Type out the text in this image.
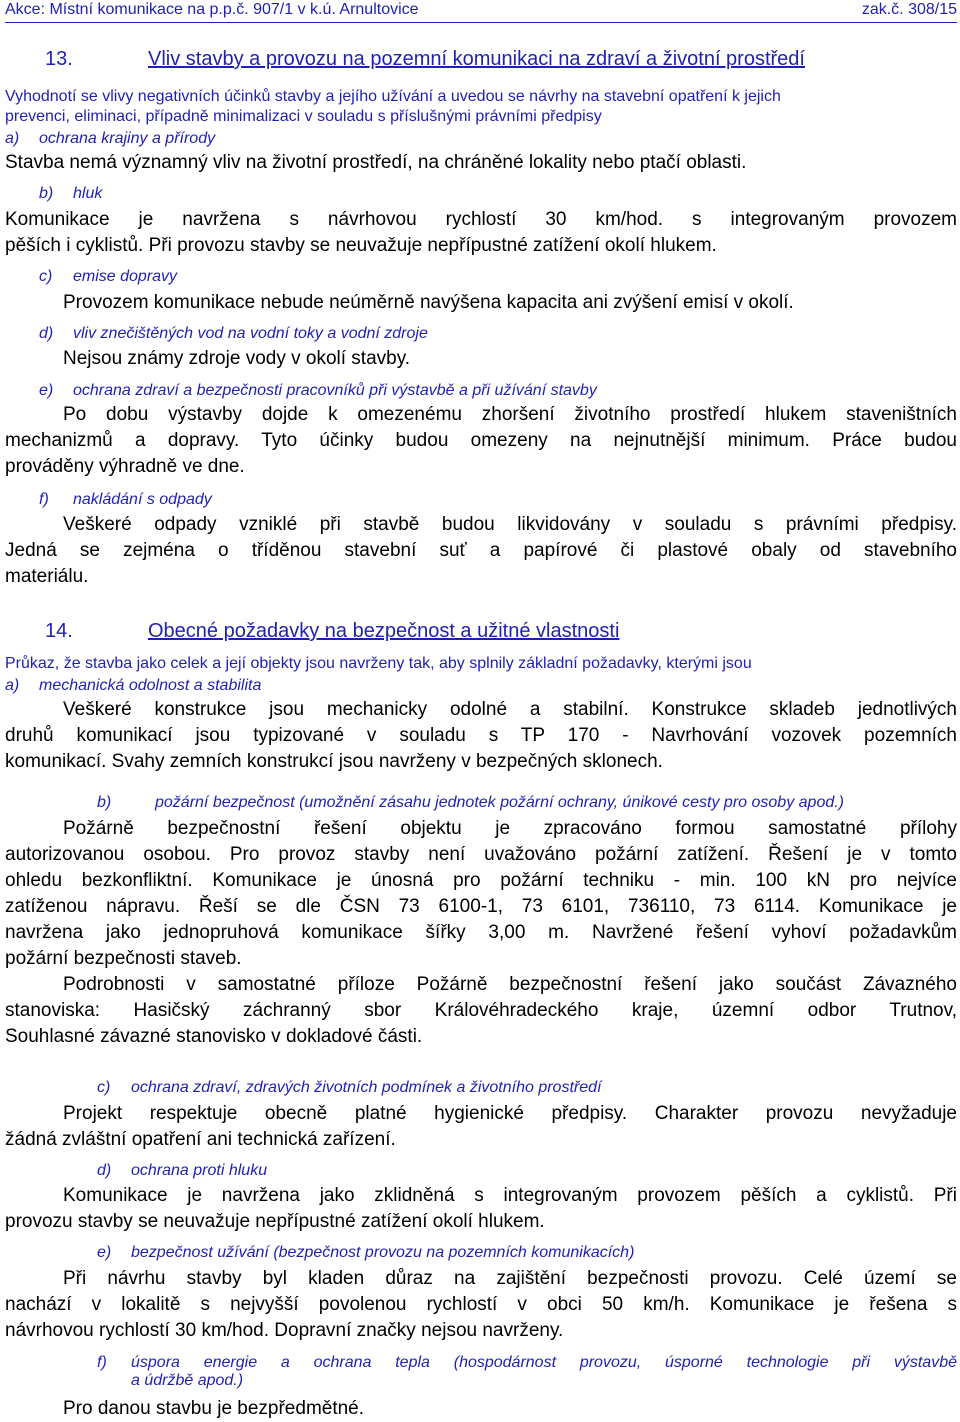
Akce: Místní komunikace na p.p.č. 907/1 v k.ú. Arnultovice	zak.č. 308/15
13.	Vliv stavby a provozu na pozemní komunikaci na zdraví a životní prostředí
Vyhodnotí se vlivy negativních účinků stavby a jejího užívání a uvedou se návrhy na stavební opatření k jejich
prevenci, eliminaci, případně minimalizaci v souladu s příslušnými právními předpisy
a) ochrana krajiny a přírody
Stavba nemá významný vliv na životní prostředí, na chráněné lokality nebo ptačí oblasti.
b) hluk
Komunikace je navržena s návrhovou rychlostí 30 km/hod. s integrovaným provozem
pěších i cyklistů. Při provozu stavby se neuvažuje nepřípustné zatížení okolí hlukem.
c) emise dopravy
Provozem komunikace nebude neúměrně navýšena kapacita ani zvýšení emisí v okolí.
d) vliv znečištěných vod na vodní toky a vodní zdroje
Nejsou známy zdroje vody v okolí stavby.
e) ochrana zdraví a bezpečnosti pracovníků při výstavbě a při užívání stavby
Po dobu výstavby dojde k omezenému zhoršení životního prostředí hlukem staveništních
mechanizmů a dopravy. Tyto účinky budou omezeny na nejnutnější minimum. Práce budou
prováděny výhradně ve dne.
f) nakládání s odpady
Veškeré odpady vzniklé při stavbě budou likvidovány v souladu s právními předpisy.
Jedná se zejména o tříděnou stavební suť a papírové či plastové obaly od stavebního
materiálu.
14.	Obecné požadavky na bezpečnost a užitné vlastnosti
Průkaz, že stavba jako celek a její objekty jsou navrženy tak, aby splnily základní požadavky, kterými jsou
a) mechanická odolnost a stabilita
Veškeré konstrukce jsou mechanicky odolné a stabilní. Konstrukce skladeb jednotlivých
druhů komunikací jsou typizované v souladu s TP 170 - Navrhování vozovek pozemních
komunikací. Svahy zemních konstrukcí jsou navrženy v bezpečných sklonech.
b)	požární bezpečnost (umožnění zásahu jednotek požární ochrany, únikové cesty pro osoby apod.)
Požárně bezpečnostní řešení objektu je zpracováno formou samostatné přílohy
autorizovanou osobou. Pro provoz stavby není uvažováno požární zatížení. Řešení je v tomto
ohledu bezkonfliktní. Komunikace je únosná pro požární techniku - min. 100 kN pro nejvíce
zatíženou nápravu. Řeší se dle ČSN 73 6100-1, 73 6101, 736110, 73 6114. Komunikace je
navržena jako jednopruhová komunikace šířky 3,00 m. Navržené řešení vyhoví požadavkům
požární bezpečnosti staveb.
Podrobnosti v samostatné příloze Požárně bezpečnostní řešení jako součást Závazného
stanoviska: Hasičský záchranný sbor Královéhradeckého kraje, územní odbor Trutnov,
Souhlasné závazné stanovisko v dokladové části.
c) ochrana zdraví, zdravých životních podmínek a životního prostředí
Projekt respektuje obecně platné hygienické předpisy. Charakter provozu nevyžaduje
žádná zvláštní opatření ani technická zařízení.
d) ochrana proti hluku
Komunikace je navržena jako zklidněná s integrovaným provozem pěších a cyklistů. Při
provozu stavby se neuvažuje nepřípustné zatížení okolí hlukem.
e) bezpečnost užívání (bezpečnost provozu na pozemních komunikacích)
Při návrhu stavby byl kladen důraz na zajištění bezpečnosti provozu. Celé území se
nachází v lokalitě s nejvyšší povolenou rychlostí v obci 50 km/h. Komunikace je řešena s
návrhovou rychlostí 30 km/hod. Dopravní značky nejsou navrženy.
f) úspora energie a ochrana tepla (hospodárnost provozu, úsporné technologie při výstavbě
a údržbě apod.)
Pro danou stavbu je bezpředmětné.
